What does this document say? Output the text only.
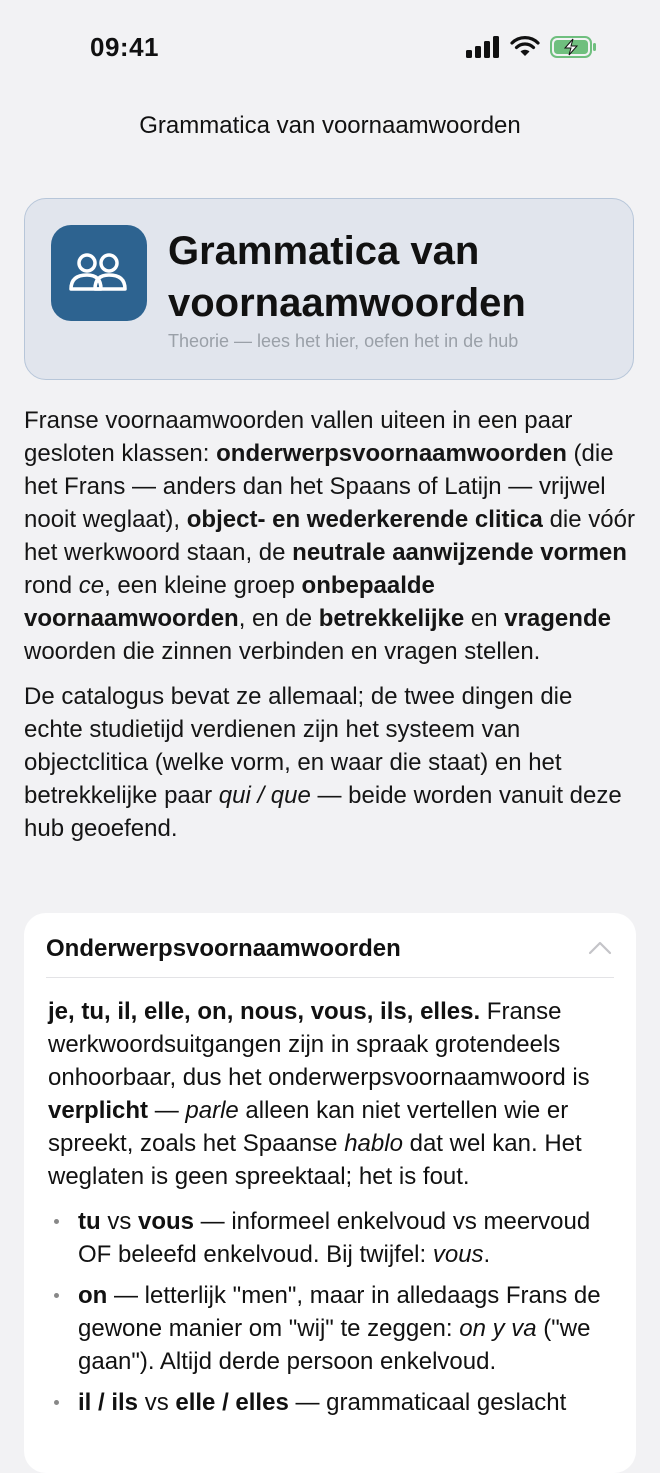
09:41
Grammatica van voornaamwoorden
Grammatica van voornaamwoorden
Theorie — lees het hier, oefen het in de hub

Franse voornaamwoorden vallen uiteen in een paar gesloten klassen: onderwerpsvoornaamwoorden (die het Frans — anders dan het Spaans of Latijn — vrijwel nooit weglaat), object- en wederkerende clitica die vóór het werkwoord staan, de neutrale aanwijzende vormen rond ce, een kleine groep onbepaalde voornaamwoorden, en de betrekkelijke en vragende woorden die zinnen verbinden en vragen stellen.

De catalogus bevat ze allemaal; de twee dingen die echte studietijd verdienen zijn het systeem van objectclitica (welke vorm, en waar die staat) en het betrekkelijke paar qui / que — beide worden vanuit deze hub geoefend.

Onderwerpsvoornaamwoorden

je, tu, il, elle, on, nous, vous, ils, elles. Franse werkwoordsuitgangen zijn in spraak grotendeels onhoorbaar, dus het onderwerpsvoornaamwoord is verplicht — parle alleen kan niet vertellen wie er spreekt, zoals het Spaanse hablo dat wel kan. Het weglaten is geen spreektaal; het is fout.

tu vs vous — informeel enkelvoud vs meervoud OF beleefd enkelvoud. Bij twijfel: vous.
on — letterlijk "men", maar in alledaags Frans de gewone manier om "wij" te zeggen: on y va ("we gaan"). Altijd derde persoon enkelvoud.
il / ils vs elle / elles — grammaticaal geslacht
